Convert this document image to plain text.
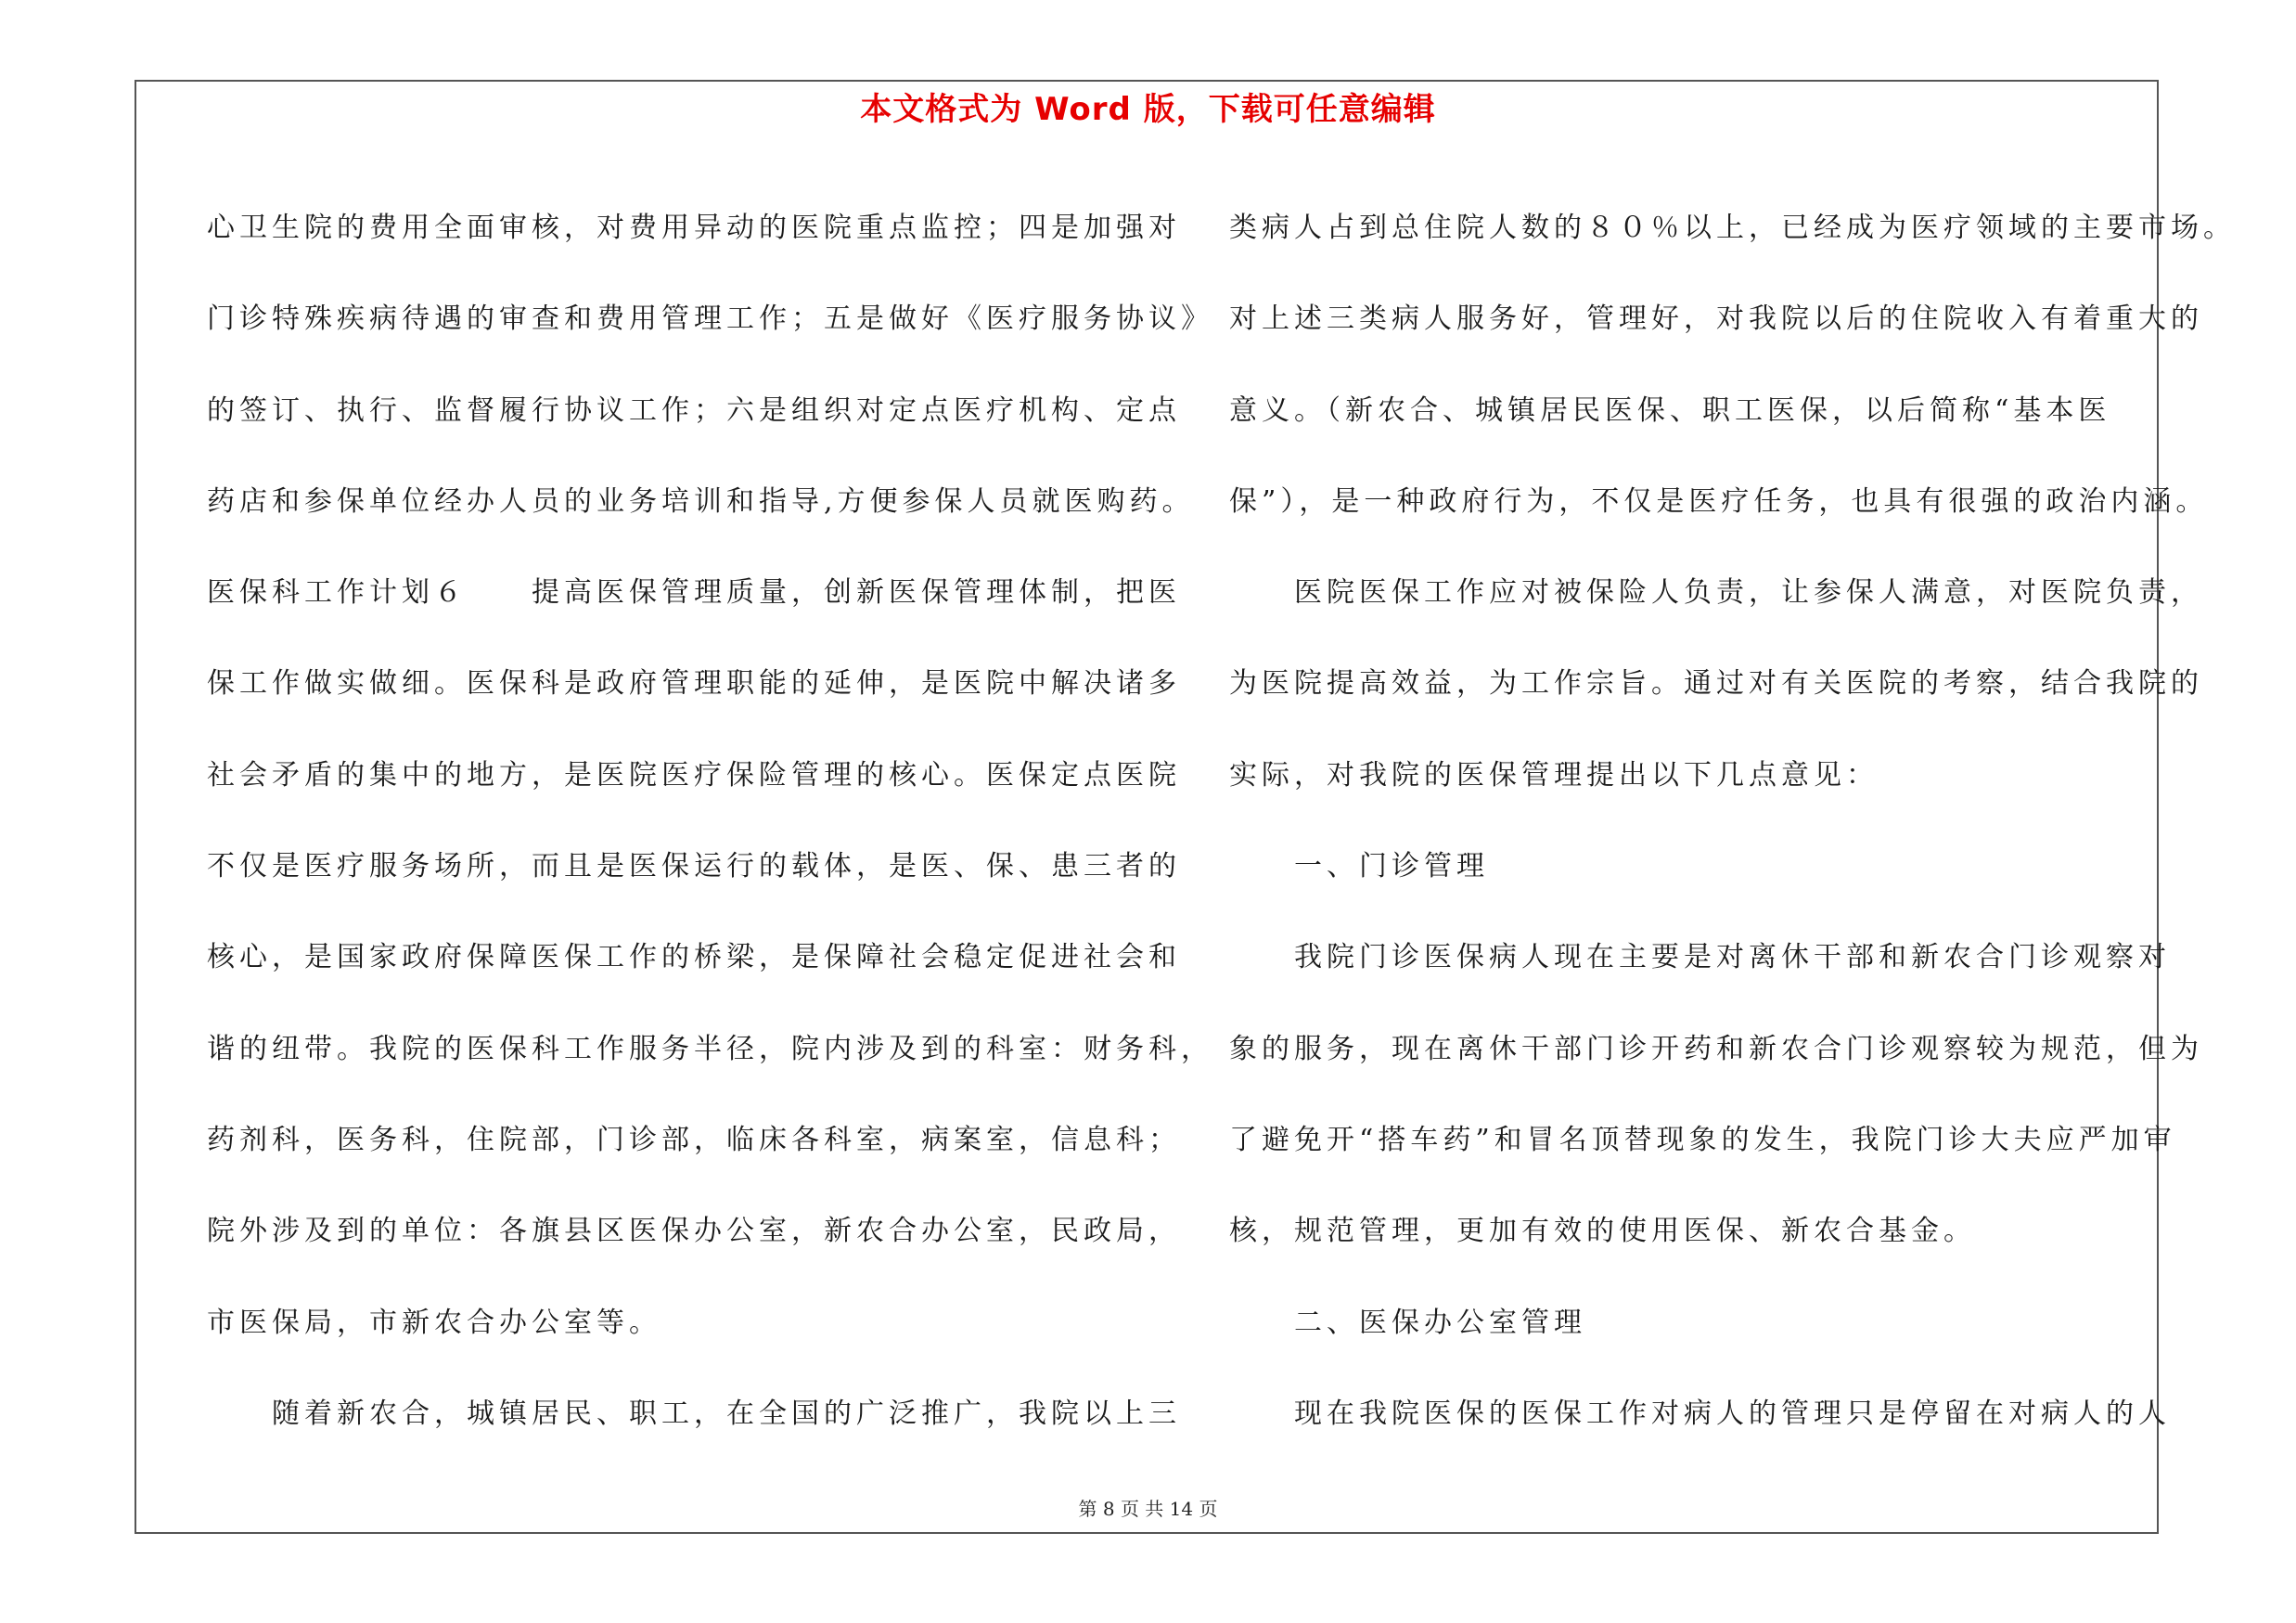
本文格式为 Word 版，下载可任意编辑
心卫生院的费用全面审核，对费用异动的医院重点监控；四是加强对
门诊特殊疾病待遇的审查和费用管理工作；五是做好《医疗服务协议》
的签订、执行、监督履行协议工作；六是组织对定点医疗机构、定点
药店和参保单位经办人员的业务培训和指导,方便参保人员就医购药。
医保科工作计划６　　提高医保管理质量，创新医保管理体制，把医
保工作做实做细。医保科是政府管理职能的延伸，是医院中解决诸多
社会矛盾的集中的地方，是医院医疗保险管理的核心。医保定点医院
不仅是医疗服务场所，而且是医保运行的载体，是医、保、患三者的
核心，是国家政府保障医保工作的桥梁，是保障社会稳定促进社会和
谐的纽带。我院的医保科工作服务半径，院内涉及到的科室：财务科，
药剂科，医务科，住院部，门诊部，临床各科室，病案室，信息科；
院外涉及到的单位：各旗县区医保办公室，新农合办公室，民政局，
市医保局，市新农合办公室等。
　　随着新农合，城镇居民、职工，在全国的广泛推广，我院以上三
类病人占到总住院人数的８０％以上，已经成为医疗领域的主要市场。
对上述三类病人服务好，管理好，对我院以后的住院收入有着重大的
意义。（新农合、城镇居民医保、职工医保，以后简称“基本医
保”），是一种政府行为，不仅是医疗任务，也具有很强的政治内涵。
　　医院医保工作应对被保险人负责，让参保人满意，对医院负责，
为医院提高效益，为工作宗旨。通过对有关医院的考察，结合我院的
实际，对我院的医保管理提出以下几点意见：
　　一、门诊管理
　　我院门诊医保病人现在主要是对离休干部和新农合门诊观察对
象的服务，现在离休干部门诊开药和新农合门诊观察较为规范，但为
了避免开“搭车药”和冒名顶替现象的发生，我院门诊大夫应严加审
核，规范管理，更加有效的使用医保、新农合基金。
　　二、医保办公室管理
　　现在我院医保的医保工作对病人的管理只是停留在对病人的人
第 8 页 共 14 页
